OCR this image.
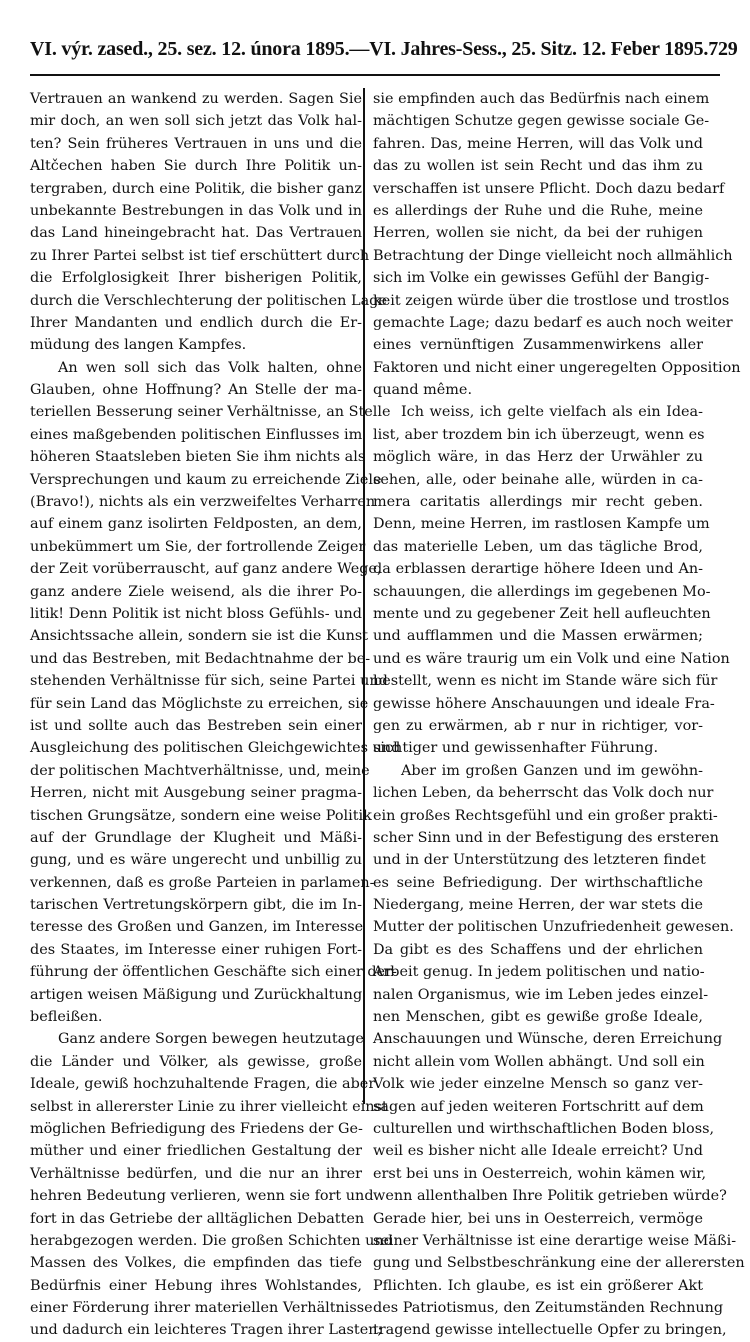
VI. výr. zased., 25. sez. 12. února 1895. — VI. Jahres-Sess., 25. Sitz. 12. Feber 1895. 729
Vertrauen an wankend zu werden. Sagen Sie
mir doch, an wen soll sich jetzt das Volk hal-
ten? Sein früheres Vertrauen in uns und die
Altčechen haben Sie durch Ihre Politik un-
tergraben, durch eine Politik, die bisher ganz
unbekannte Bestrebungen in das Volk und in
das Land hineingebracht hat. Das Vertrauen
zu Ihrer Partei selbst ist tief erschüttert durch
die Erfolglosigkeit Ihrer bisherigen Politik,
durch die Verschlechterung der politischen Lage
Ihrer Mandanten und endlich durch die Er-
müdung des langen Kampfes.
An wen soll sich das Volk halten, ohne
Glauben, ohne Hoffnung? An Stelle der ma-
teriellen Besserung seiner Verhältnisse, an Stelle
eines maßgebenden politischen Einflusses im
höheren Staatsleben bieten Sie ihm nichts als
Versprechungen und kaum zu erreichende Ziele
(Bravo!), nichts als ein verzweifeltes Verharren
auf einem ganz isolirten Feldposten, an dem,
unbekümmert um Sie, der fortrollende Zeiger
der Zeit vorüberrauscht, auf ganz andere Wege,
ganz andere Ziele weisend, als die ihrer Po-
litik! Denn Politik ist nicht bloss Gefühls- und
Ansichtssache allein, sondern sie ist die Kunst
und das Bestreben, mit Bedachtnahme der be-
stehenden Verhältnisse für sich, seine Partei und
für sein Land das Möglichste zu erreichen, sie
ist und sollte auch das Bestreben sein einer
Ausgleichung des politischen Gleichgewichtes und
der politischen Machtverhältnisse, und, meine
Herren, nicht mit Ausgebung seiner pragma-
tischen Grungsätze, sondern eine weise Politik
auf der Grundlage der Klugheit und Mäßi-
gung, und es wäre ungerecht und unbillig zu
verkennen, daß es große Parteien in parlamen-
tarischen Vertretungskörpern gibt, die im In-
teresse des Großen und Ganzen, im Interesse
des Staates, im Interesse einer ruhigen Fort-
führung der öffentlichen Geschäfte sich einer der-
artigen weisen Mäßigung und Zurückhaltung
befleißen.
Ganz andere Sorgen bewegen heutzutage
die Länder und Völker, als gewisse, große
Ideale, gewiß hochzuhaltende Fragen, die aber
selbst in allererster Linie zu ihrer vielleicht einst
möglichen Befriedigung des Friedens der Ge-
müther und einer friedlichen Gestaltung der
Verhältnisse bedürfen, und die nur an ihrer
hehren Bedeutung verlieren, wenn sie fort und
fort in das Getriebe der alltäglichen Debatten
herabgezogen werden. Die großen Schichten und
Massen des Volkes, die empfinden das tiefe
Bedürfnis einer Hebung ihres Wohlstandes,
einer Förderung ihrer materiellen Verhältnisse
und dadurch ein leichteres Tragen ihrer Lasten;
sie empfinden auch das Bedürfnis nach einem
mächtigen Schutze gegen gewisse sociale Ge-
fahren. Das, meine Herren, will das Volk und
das zu wollen ist sein Recht und das ihm zu
verschaffen ist unsere Pflicht. Doch dazu bedarf
es allerdings der Ruhe und die Ruhe, meine
Herren, wollen sie nicht, da bei der ruhigen
Betrachtung der Dinge vielleicht noch allmählich
sich im Volke ein gewisses Gefühl der Bangig-
keit zeigen würde über die trostlose und trostlos
gemachte Lage; dazu bedarf es auch noch weiter
eines vernünftigen Zusammenwirkens aller
Faktoren und nicht einer ungeregelten Opposition
quand même.
Ich weiss, ich gelte vielfach als ein Idea-
list, aber trozdem bin ich überzeugt, wenn es
möglich wäre, in das Herz der Urwähler zu
sehen, alle, oder beinahe alle, würden in ca-
mera caritatis allerdings mir recht geben.
Denn, meine Herren, im rastlosen Kampfe um
das materielle Leben, um das tägliche Brod,
da erblassen derartige höhere Ideen und An-
schauungen, die allerdings im gegebenen Mo-
mente und zu gegebener Zeit hell aufleuchten
und aufflammen und die Massen erwärmen;
und es wäre traurig um ein Volk und eine Nation
bestellt, wenn es nicht im Stande wäre sich für
gewisse höhere Anschauungen und ideale Fra-
gen zu erwärmen, ab r nur in richtiger, vor-
sichtiger und gewissenhafter Führung.
Aber im großen Ganzen und im gewöhn-
lichen Leben, da beherrscht das Volk doch nur
ein großes Rechtsgefühl und ein großer prakti-
scher Sinn und in der Befestigung des ersteren
und in der Unterstützung des letzteren findet
es seine Befriedigung. Der wirthschaftliche
Niedergang, meine Herren, der war stets die
Mutter der politischen Unzufriedenheit gewesen.
Da gibt es des Schaffens und der ehrlichen
Arbeit genug. In jedem politischen und natio-
nalen Organismus, wie im Leben jedes einzel-
nen Menschen, gibt es gewiße große Ideale,
Anschauungen und Wünsche, deren Erreichung
nicht allein vom Wollen abhängt. Und soll ein
Volk wie jeder einzelne Mensch so ganz ver-
sagen auf jeden weiteren Fortschritt auf dem
culturellen und wirthschaftlichen Boden bloss,
weil es bisher nicht alle Ideale erreicht? Und
erst bei uns in Oesterreich, wohin kämen wir,
wenn allenthalben Ihre Politik getrieben würde?
Gerade hier, bei uns in Oesterreich, vermöge
seiner Verhältnisse ist eine derartige weise Mäßi-
gung und Selbstbeschränkung eine der allerersten
Pflichten. Ich glaube, es ist ein größerer Akt
des Patriotismus, den Zeitumständen Rechnung
tragend gewisse intellectuelle Opfer zu bringen,
